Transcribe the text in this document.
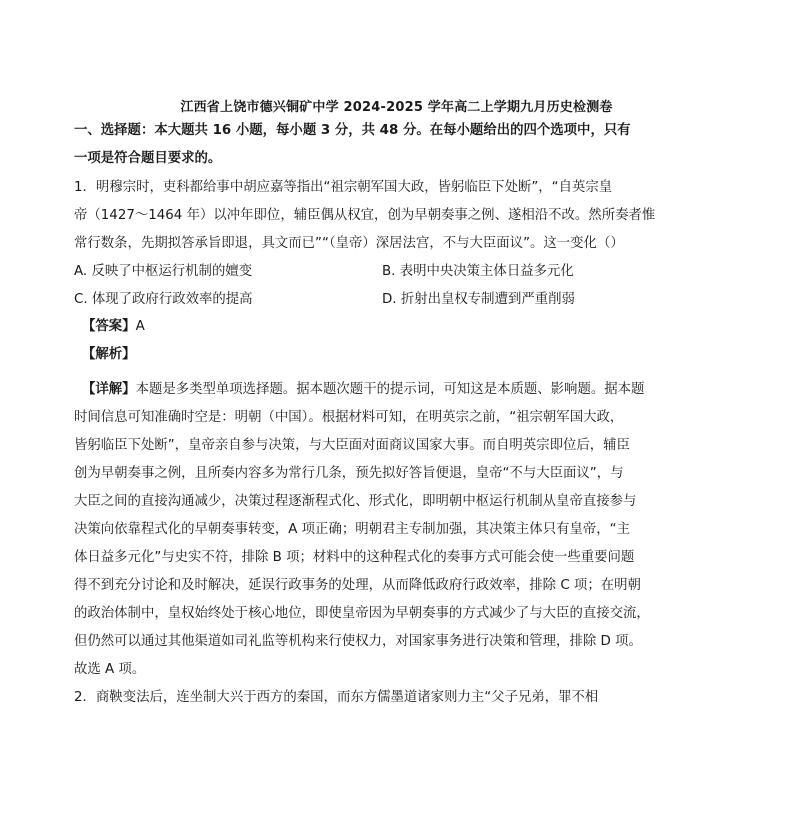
江西省上饶市德兴铜矿中学 2024-2025 学年高二上学期九月历史检测卷
一、选择题：本大题共 16 小题，每小题 3 分，共 48 分。在每小题给出的四个选项中，只有
一项是符合题目要求的。
1．明穆宗时，吏科都给事中胡应嘉等指出“祖宗朝军国大政，皆躬临臣下处断”，“自英宗皇
帝（1427～1464 年）以冲年即位，辅臣偶从权宜，创为早朝奏事之例、遂相沿不改。然所奏者惟
常行数条，先期拟答承旨即退，具文而已”“（皇帝）深居法宫，不与大臣面议”。这一变化（）
A. 反映了中枢运行机制的嬗变	B. 表明中央决策主体日益多元化
C. 体现了政府行政效率的提高	D. 折射出皇权专制遭到严重削弱
【答案】A
【解析】
【详解】本题是多类型单项选择题。据本题次题干的提示词，可知这是本质题、影响题。据本题
时间信息可知准确时空是：明朝（中国）。根据材料可知，在明英宗之前，“祖宗朝军国大政，
皆躬临臣下处断”，皇帝亲自参与决策，与大臣面对面商议国家大事。而自明英宗即位后，辅臣
创为早朝奏事之例，且所奏内容多为常行几条，预先拟好答旨便退，皇帝“不与大臣面议”，与
大臣之间的直接沟通减少，决策过程逐渐程式化、形式化，即明朝中枢运行机制从皇帝直接参与
决策向依靠程式化的早朝奏事转变，A 项正确；明朝君主专制加强，其决策主体只有皇帝，“主
体日益多元化”与史实不符，排除 B 项；材料中的这种程式化的奏事方式可能会使一些重要问题
得不到充分讨论和及时解决，延误行政事务的处理，从而降低政府行政效率，排除 C 项；在明朝
的政治体制中，皇权始终处于核心地位，即使皇帝因为早朝奏事的方式减少了与大臣的直接交流，
但仍然可以通过其他渠道如司礼监等机构来行使权力，对国家事务进行决策和管理，排除 D 项。
故选 A 项。
2．商鞅变法后，连坐制大兴于西方的秦国，而东方儒墨道诸家则力主“父子兄弟，罪不相
